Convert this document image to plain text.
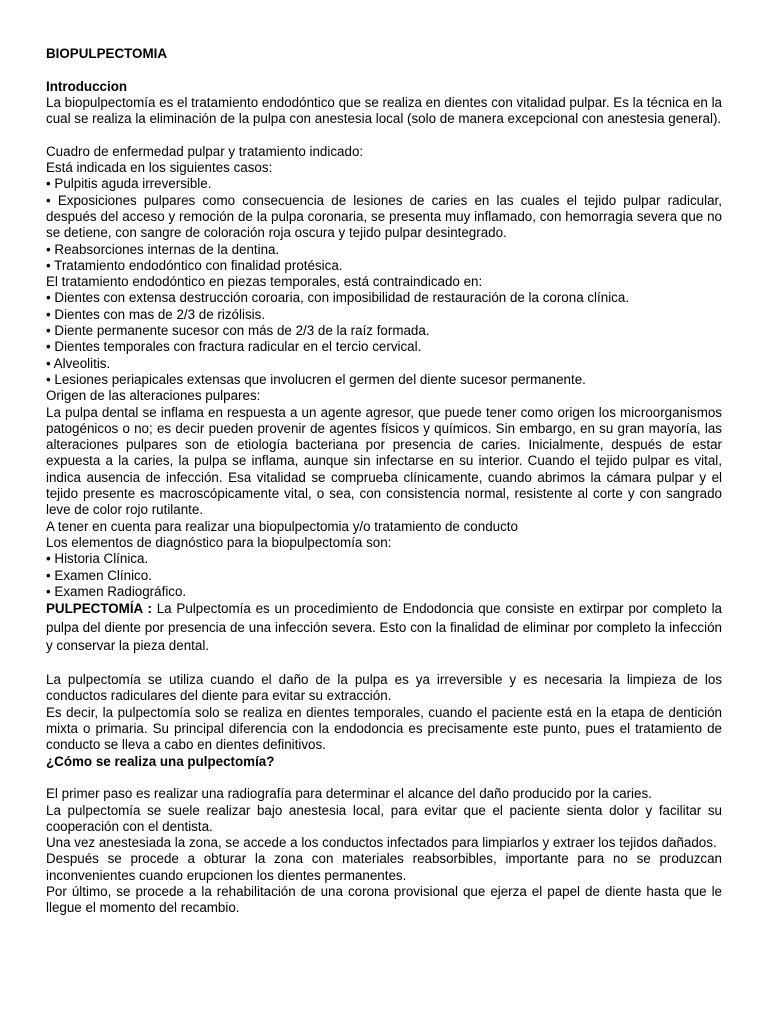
BIOPULPECTOMIA

Introduccion

La biopulpectomía es el tratamiento endodóntico que se realiza en dientes con vitalidad pulpar. Es la técnica en la cual se realiza la eliminación de la pulpa con anestesia local (solo de manera excepcional con anestesia general).

Cuadro de enfermedad pulpar y tratamiento indicado:

Está indicada en los siguientes casos:

• Pulpitis aguda irreversible.

• Exposiciones pulpares como consecuencia de lesiones de caries en las cuales el tejido pulpar radicular, después del acceso y remoción de la pulpa coronaria, se presenta muy inflamado, con hemorragia severa que no se detiene, con sangre de coloración roja oscura y tejido pulpar desintegrado.

• Reabsorciones internas de la dentina.

• Tratamiento endodóntico con finalidad protésica.

El tratamiento endodóntico en piezas temporales, está contraindicado en:

• Dientes con extensa destrucción coroaria, con imposibilidad de restauración de la corona clínica.

• Dientes con mas de 2/3 de rizólisis.

• Diente permanente sucesor con más de 2/3 de la raíz formada.

• Dientes temporales con fractura radicular en el tercio cervical.

• Alveolitis.

• Lesiones periapicales extensas que involucren el germen del diente sucesor permanente.

Origen de las alteraciones pulpares:

La pulpa dental se inflama en respuesta a un agente agresor, que puede tener como origen los microorganismos patogénicos o no; es decir pueden provenir de agentes físicos y químicos. Sin embargo, en su gran mayoría, las alteraciones pulpares son de etiología bacteriana por presencia de caries. Inicialmente, después de estar expuesta a la caries, la pulpa se inflama, aunque sin infectarse en su interior. Cuando el tejido pulpar es vital, indica ausencia de infección. Esa vitalidad se comprueba clínicamente, cuando abrimos la cámara pulpar y el tejido presente es macroscópicamente vital, o sea, con consistencia normal, resistente al corte y con sangrado leve de color rojo rutilante.

A tener en cuenta para realizar una biopulpectomia y/o tratamiento de conducto

Los elementos de diagnóstico para la biopulpectomía son:

• Historia Clínica.

• Examen Clínico.

• Examen Radiográfico.

PULPECTOMÍA : La Pulpectomía es un procedimiento de Endodoncia que consiste en extirpar por completo la pulpa del diente por presencia de una infección severa. Esto con la finalidad de eliminar por completo la infección y conservar la pieza dental.

La pulpectomía se utiliza cuando el daño de la pulpa es ya irreversible y es necesaria la limpieza de los conductos radiculares del diente para evitar su extracción.

Es decir, la pulpectomía solo se realiza en dientes temporales, cuando el paciente está en la etapa de dentición mixta o primaria. Su principal diferencia con la endodoncia es precisamente este punto, pues el tratamiento de conducto se lleva a cabo en dientes definitivos.

¿Cómo se realiza una pulpectomía?

El primer paso es realizar una radiografía para determinar el alcance del daño producido por la caries.

La pulpectomía se suele realizar bajo anestesia local, para evitar que el paciente sienta dolor y facilitar su cooperación con el dentista.

Una vez anestesiada la zona, se accede a los conductos infectados para limpiarlos y extraer los tejidos dañados.

Después se procede a obturar la zona con materiales reabsorbibles, importante para no se produzcan inconvenientes cuando erupcionen los dientes permanentes.

Por último, se procede a la rehabilitación de una corona provisional que ejerza el papel de diente hasta que le llegue el momento del recambio.
